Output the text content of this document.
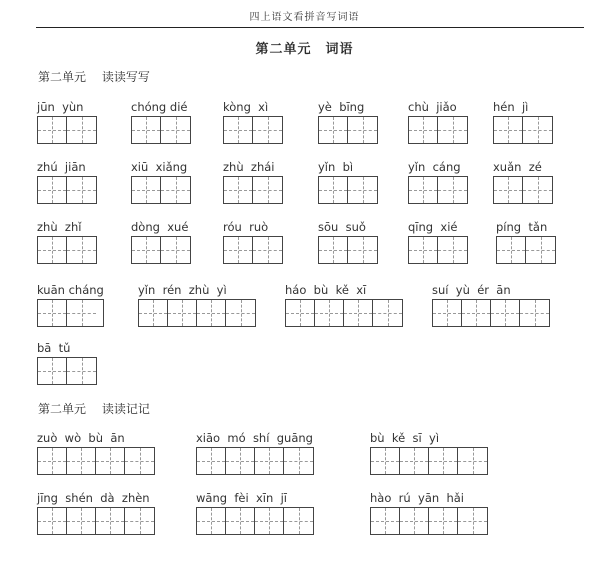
四上语文看拼音写词语
第二单元　词语
第二单元　 读读写写
第二单元　 读读记记
jūn  yùn	chóng dié	kòng  xì	yè  bīng	chù  jiǎo	hén  jì
zhú  jiān	xiū  xiǎng	zhù  zhái	yǐn  bì	yǐn  cáng	xuǎn  zé
zhù  zhǐ	dòng  xué	róu  ruò	sōu  suǒ	qīng  xié	píng  tǎn
kuān cháng	yǐn  rén  zhù  yì	háo  bù  kě  xī	suí  yù  ér  ān
bā  tǔ
zuò  wò  bù  ān	xiāo  mó  shí  guāng	bù  kě  sī  yì
jīng  shén  dà  zhèn	wāng  fèi  xīn  jī	hào  rú  yān  hǎi
